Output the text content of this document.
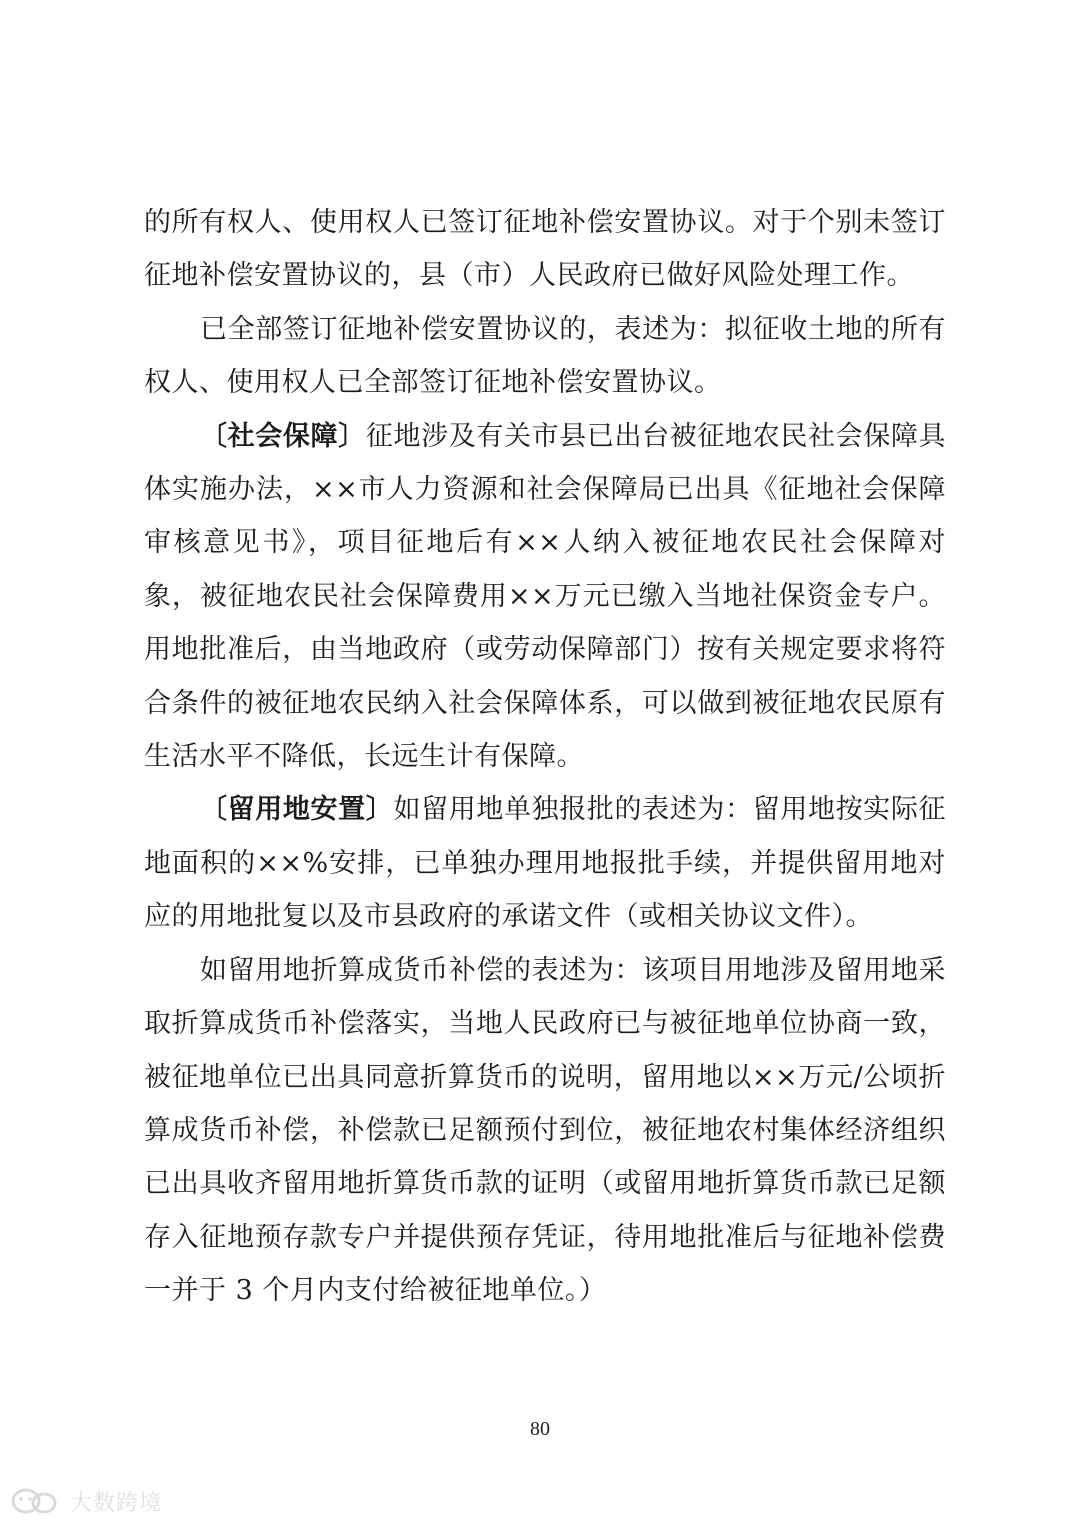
的所有权人、使用权人已签订征地补偿安置协议。对于个别未签订征地补偿安置协议的，县（市）人民政府已做好风险处理工作。

已全部签订征地补偿安置协议的，表述为：拟征收土地的所有权人、使用权人已全部签订征地补偿安置协议。

〔社会保障〕征地涉及有关市县已出台被征地农民社会保障具体实施办法，××市人力资源和社会保障局已出具《征地社会保障审核意见书》，项目征地后有××人纳入被征地农民社会保障对象，被征地农民社会保障费用××万元已缴入当地社保资金专户。用地批准后，由当地政府（或劳动保障部门）按有关规定要求将符合条件的被征地农民纳入社会保障体系，可以做到被征地农民原有生活水平不降低，长远生计有保障。

〔留用地安置〕如留用地单独报批的表述为：留用地按实际征地面积的××%安排，已单独办理用地报批手续，并提供留用地对应的用地批复以及市县政府的承诺文件（或相关协议文件）。

如留用地折算成货币补偿的表述为：该项目用地涉及留用地采取折算成货币补偿落实，当地人民政府已与被征地单位协商一致，被征地单位已出具同意折算货币的说明，留用地以××万元/公顷折算成货币补偿，补偿款已足额预付到位，被征地农村集体经济组织已出具收齐留用地折算货币款的证明（或留用地折算货币款已足额存入征地预存款专户并提供预存凭证，待用地批准后与征地补偿费一并于 3 个月内支付给被征地单位。）

80
大数跨境
